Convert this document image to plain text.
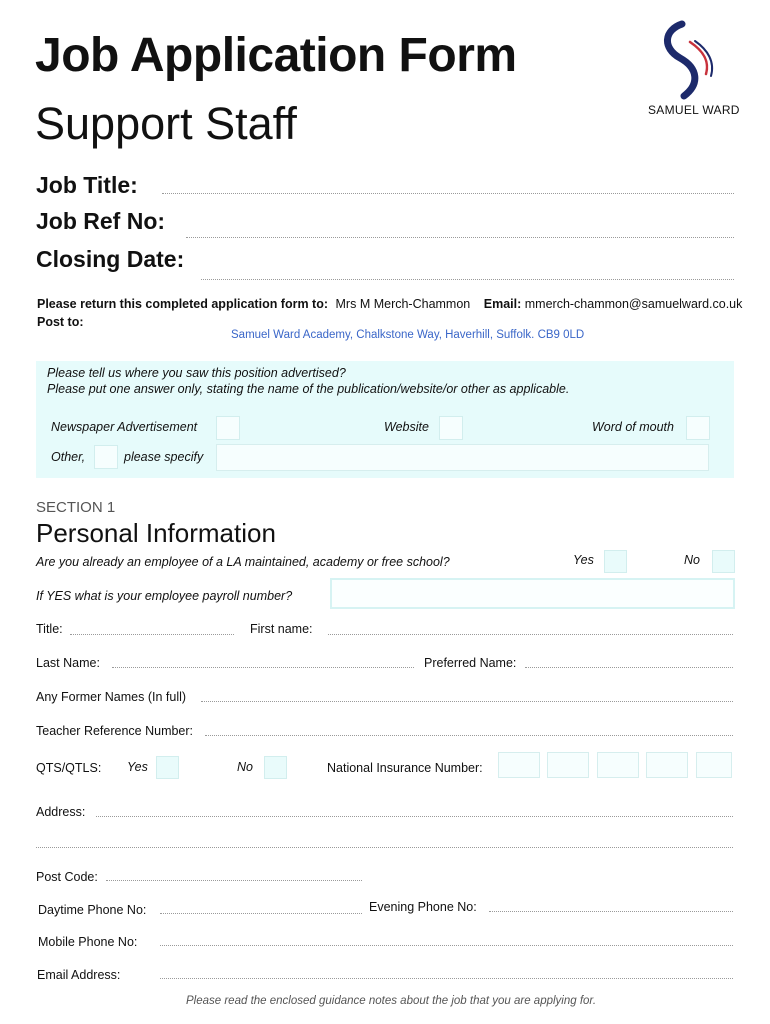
Job Application Form
Support Staff	SAMUEL WARD
Job Title:
Job Ref No:
Closing Date:
Please return this completed application form to: Mrs M Merch-Chammon Email: mmerch-chammon@samuelward.co.uk
Post to:
Samuel Ward Academy, Chalkstone Way, Haverhill, Suffolk. CB9 0LD
Please tell us where you saw this position advertised?
Please put one answer only, stating the name of the publication/website/or other as applicable.
Newspaper Advertisement	Website	Word of mouth
Other,	please specify
SECTION 1
Personal Information
Are you already an employee of a LA maintained, academy or free school?	Yes	No
If YES what is your employee payroll number?
Title:	First name:
Last Name:	Preferred Name:
Any Former Names (In full)
Teacher Reference Number:
QTS/QTLS: Yes	No	National Insurance Number:
Address:
Post Code:
Daytime Phone No:	Evening Phone No:
Mobile Phone No:
Email Address:
Please read the enclosed guidance notes about the job that you are applying for.
